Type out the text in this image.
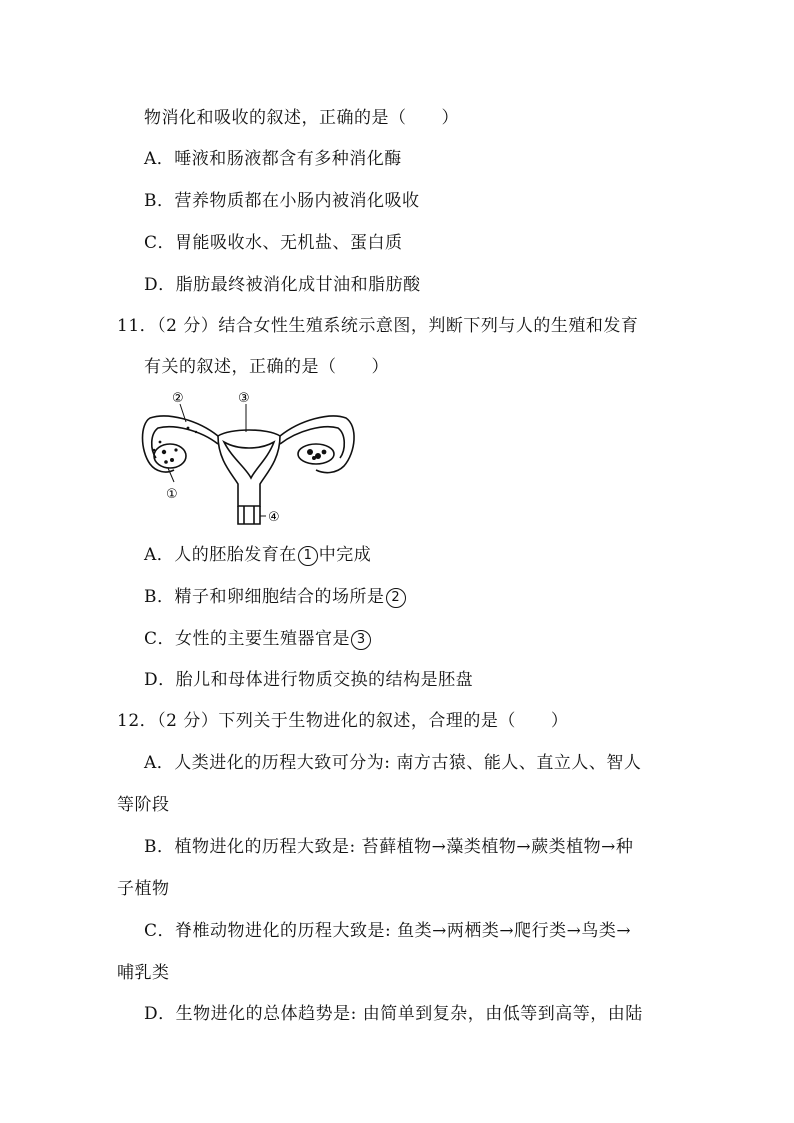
物消化和吸收的叙述，正确的是（　　）
A．唾液和肠液都含有多种消化酶
B．营养物质都在小肠内被消化吸收
C．胃能吸收水、无机盐、蛋白质
D．脂肪最终被消化成甘油和脂肪酸
11．（2 分）结合女性生殖系统示意图，判断下列与人的生殖和发育
有关的叙述，正确的是（　　）
②	③
①
④
A．人的胚胎发育在 1 中完成
B．精子和卵细胞结合的场所是 2
C．女性的主要生殖器官是 3
D．胎儿和母体进行物质交换的结构是胚盘
12．（2 分）下列关于生物进化的叙述，合理的是（　　）
A．人类进化的历程大致可分为: 南方古猿、能人、直立人、智人
等阶段
B．植物进化的历程大致是: 苔藓植物→藻类植物→蕨类植物→种
子植物
C．脊椎动物进化的历程大致是: 鱼类→两栖类→爬行类→鸟类→
哺乳类
D．生物进化的总体趋势是: 由简单到复杂，由低等到高等，由陆
